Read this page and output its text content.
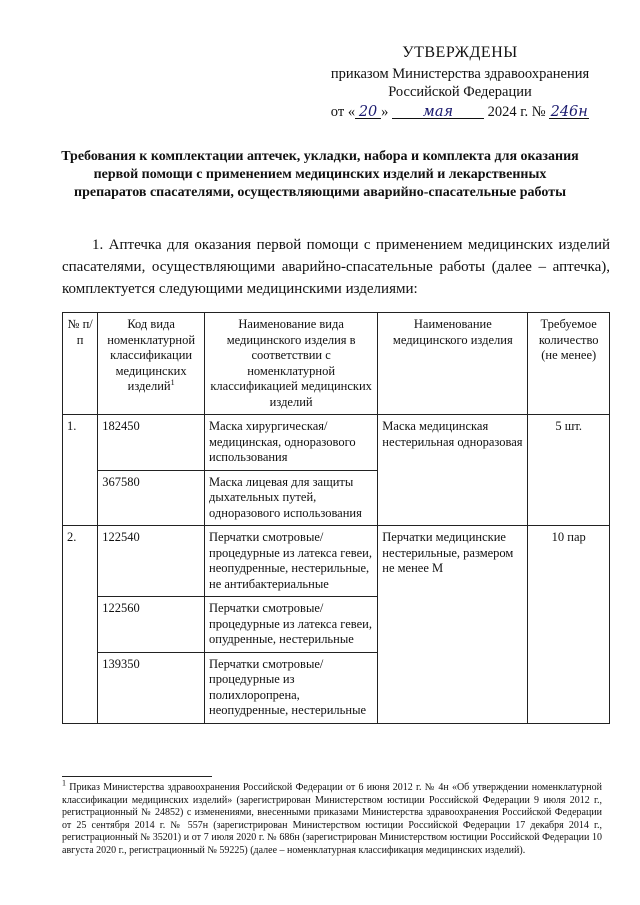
УТВЕРЖДЕНЫ
приказом Министерства здравоохранения
Российской Федерации
от « 20 » мая 2024 г. № 246н
Требования к комплектации аптечек, укладки, набора и комплекта для оказания первой помощи с применением медицинских изделий и лекарственных препаратов спасателями, осуществляющими аварийно-спасательные работы
1. Аптечка для оказания первой помощи с применением медицинских изделий спасателями, осуществляющими аварийно-спасательные работы (далее – аптечка), комплектуется следующими медицинскими изделиями:
№ п/п	Код вида номенклатурной классификации медицинских изделий$^1$	Наименование вида медицинского изделия в соответствии с номенклатурной классификацией медицинских изделий	Наименование медицинского изделия	Требуемое количество (не менее)
1.	182450	Маска хирургическая/ медицинская, одноразового использования	Маска медицинская нестерильная одноразовая	5 шт.
	367580	Маска лицевая для защиты дыхательных путей, одноразового использования		
2.	122540	Перчатки смотровые/ процедурные из латекса гевеи, неопудренные, нестерильные, не антибактериальные	Перчатки медицинские нестерильные, размером не менее М	10 пар
	122560	Перчатки смотровые/ процедурные из латекса гевеи, опудренные, нестерильные		
	139350	Перчатки смотровые/ процедурные из полихлоропрена, неопудренные, нестерильные		
$^1$ Приказ Министерства здравоохранения Российской Федерации от 6 июня 2012 г. № 4н «Об утверждении номенклатурной классификации медицинских изделий» (зарегистрирован Министерством юстиции Российской Федерации 9 июля 2012 г., регистрационный № 24852) с изменениями, внесенными приказами Министерства здравоохранения Российской Федерации от 25 сентября 2014 г. № 557н (зарегистрирован Министерством юстиции Российской Федерации 17 декабря 2014 г., регистрационный № 35201) и от 7 июля 2020 г. № 686н (зарегистрирован Министерством юстиции Российской Федерации 10 августа 2020 г., регистрационный № 59225) (далее – номенклатурная классификация медицинских изделий).
